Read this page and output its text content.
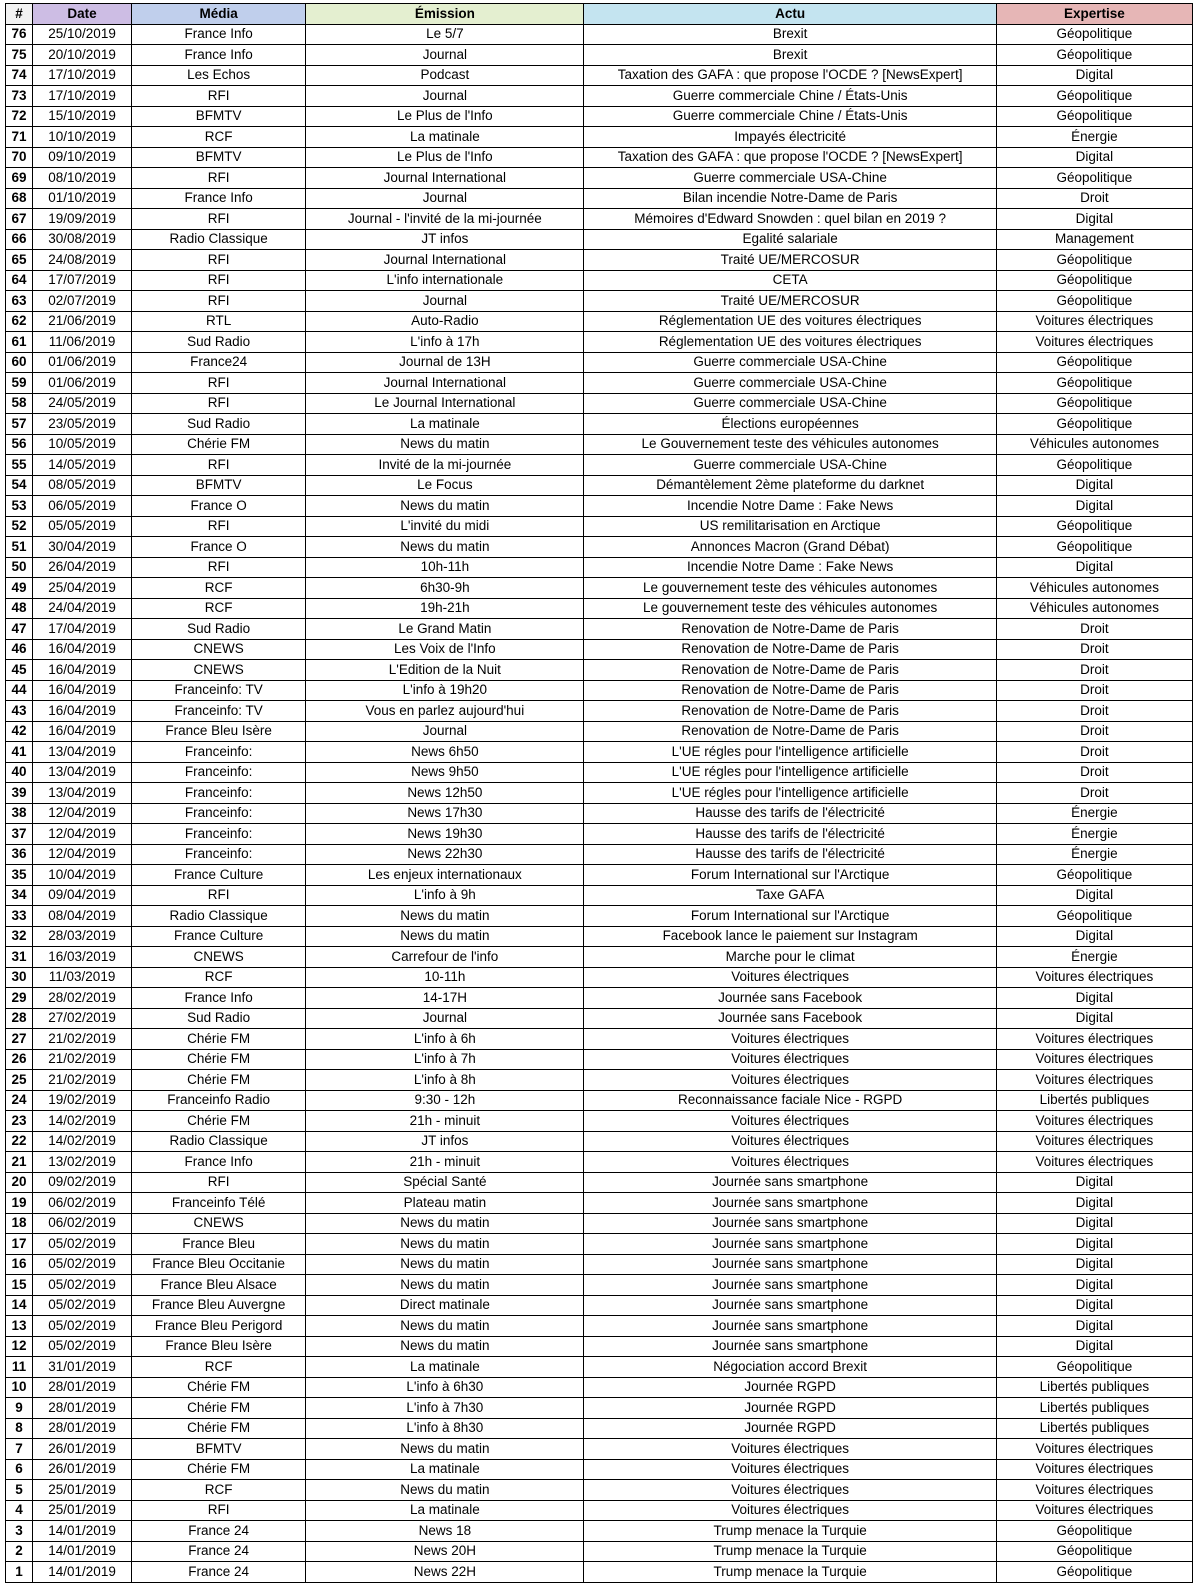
#	Date	Média	Émission	Actu	Expertise
76	25/10/2019	France Info	Le 5/7	Brexit	Géopolitique
75	20/10/2019	France Info	Journal	Brexit	Géopolitique
74	17/10/2019	Les Echos	Podcast	Taxation des GAFA : que propose l'OCDE ? [NewsExpert]	Digital
73	17/10/2019	RFI	Journal	Guerre commerciale Chine / États-Unis	Géopolitique
72	15/10/2019	BFMTV	Le Plus de l'Info	Guerre commerciale Chine / États-Unis	Géopolitique
71	10/10/2019	RCF	La matinale	Impayés électricité	Énergie
70	09/10/2019	BFMTV	Le Plus de l'Info	Taxation des GAFA : que propose l'OCDE ? [NewsExpert]	Digital
69	08/10/2019	RFI	Journal International	Guerre commerciale USA-Chine	Géopolitique
68	01/10/2019	France Info	Journal	Bilan incendie Notre-Dame de Paris	Droit
67	19/09/2019	RFI	Journal - l'invité de la mi-journée	Mémoires d'Edward Snowden : quel bilan en 2019 ?	Digital
66	30/08/2019	Radio Classique	JT infos	Egalité salariale	Management
65	24/08/2019	RFI	Journal International	Traité UE/MERCOSUR	Géopolitique
64	17/07/2019	RFI	L'info internationale	CETA	Géopolitique
63	02/07/2019	RFI	Journal	Traité UE/MERCOSUR	Géopolitique
62	21/06/2019	RTL	Auto-Radio	Réglementation UE des voitures électriques	Voitures électriques
61	11/06/2019	Sud Radio	L'info à 17h	Réglementation UE des voitures électriques	Voitures électriques
60	01/06/2019	France24	Journal de 13H	Guerre commerciale USA-Chine	Géopolitique
59	01/06/2019	RFI	Journal International	Guerre commerciale USA-Chine	Géopolitique
58	24/05/2019	RFI	Le Journal International	Guerre commerciale USA-Chine	Géopolitique
57	23/05/2019	Sud Radio	La matinale	Élections européennes	Géopolitique
56	10/05/2019	Chérie FM	News du matin	Le Gouvernement teste des véhicules autonomes	Véhicules autonomes
55	14/05/2019	RFI	Invité de la mi-journée	Guerre commerciale USA-Chine	Géopolitique
54	08/05/2019	BFMTV	Le Focus	Démantèlement 2ème plateforme du darknet	Digital
53	06/05/2019	France O	News du matin	Incendie Notre Dame : Fake News	Digital
52	05/05/2019	RFI	L'invité du midi	US remilitarisation en Arctique	Géopolitique
51	30/04/2019	France O	News du matin	Annonces Macron (Grand Débat)	Géopolitique
50	26/04/2019	RFI	10h-11h	Incendie Notre Dame : Fake News	Digital
49	25/04/2019	RCF	6h30-9h	Le gouvernement teste des véhicules autonomes	Véhicules autonomes
48	24/04/2019	RCF	19h-21h	Le gouvernement teste des véhicules autonomes	Véhicules autonomes
47	17/04/2019	Sud Radio	Le Grand Matin	Renovation de Notre-Dame de Paris	Droit
46	16/04/2019	CNEWS	Les Voix de l'Info	Renovation de Notre-Dame de Paris	Droit
45	16/04/2019	CNEWS	L'Edition de la Nuit	Renovation de Notre-Dame de Paris	Droit
44	16/04/2019	Franceinfo: TV	L'info à 19h20	Renovation de Notre-Dame de Paris	Droit
43	16/04/2019	Franceinfo: TV	Vous en parlez aujourd'hui	Renovation de Notre-Dame de Paris	Droit
42	16/04/2019	France Bleu Isère	Journal	Renovation de Notre-Dame de Paris	Droit
41	13/04/2019	Franceinfo:	News 6h50	L'UE régles pour l'intelligence artificielle	Droit
40	13/04/2019	Franceinfo:	News 9h50	L'UE régles pour l'intelligence artificielle	Droit
39	13/04/2019	Franceinfo:	News 12h50	L'UE régles pour l'intelligence artificielle	Droit
38	12/04/2019	Franceinfo:	News 17h30	Hausse des tarifs de l'électricité	Énergie
37	12/04/2019	Franceinfo:	News 19h30	Hausse des tarifs de l'électricité	Énergie
36	12/04/2019	Franceinfo:	News 22h30	Hausse des tarifs de l'électricité	Énergie
35	10/04/2019	France Culture	Les enjeux internationaux	Forum International sur l'Arctique	Géopolitique
34	09/04/2019	RFI	L'info à 9h	Taxe GAFA	Digital
33	08/04/2019	Radio Classique	News du matin	Forum International sur l'Arctique	Géopolitique
32	28/03/2019	France Culture	News du matin	Facebook lance le paiement sur Instagram	Digital
31	16/03/2019	CNEWS	Carrefour de l'info	Marche pour le climat	Énergie
30	11/03/2019	RCF	10-11h	Voitures électriques	Voitures électriques
29	28/02/2019	France Info	14-17H	Journée sans Facebook	Digital
28	27/02/2019	Sud Radio	Journal	Journée sans Facebook	Digital
27	21/02/2019	Chérie FM	L'info à 6h	Voitures électriques	Voitures électriques
26	21/02/2019	Chérie FM	L'info à 7h	Voitures électriques	Voitures électriques
25	21/02/2019	Chérie FM	L'info à 8h	Voitures électriques	Voitures électriques
24	19/02/2019	Franceinfo Radio	9:30 - 12h	Reconnaissance faciale Nice - RGPD	Libertés publiques
23	14/02/2019	Chérie FM	21h - minuit	Voitures électriques	Voitures électriques
22	14/02/2019	Radio Classique	JT infos	Voitures électriques	Voitures électriques
21	13/02/2019	France Info	21h - minuit	Voitures électriques	Voitures électriques
20	09/02/2019	RFI	Spécial Santé	Journée sans smartphone	Digital
19	06/02/2019	Franceinfo Télé	Plateau matin	Journée sans smartphone	Digital
18	06/02/2019	CNEWS	News du matin	Journée sans smartphone	Digital
17	05/02/2019	France Bleu	News du matin	Journée sans smartphone	Digital
16	05/02/2019	France Bleu Occitanie	News du matin	Journée sans smartphone	Digital
15	05/02/2019	France Bleu Alsace	News du matin	Journée sans smartphone	Digital
14	05/02/2019	France Bleu Auvergne	Direct matinale	Journée sans smartphone	Digital
13	05/02/2019	France Bleu Perigord	News du matin	Journée sans smartphone	Digital
12	05/02/2019	France Bleu Isère	News du matin	Journée sans smartphone	Digital
11	31/01/2019	RCF	La matinale	Négociation accord Brexit	Géopolitique
10	28/01/2019	Chérie FM	L'info à 6h30	Journée RGPD	Libertés publiques
9	28/01/2019	Chérie FM	L'info à 7h30	Journée RGPD	Libertés publiques
8	28/01/2019	Chérie FM	L'info à 8h30	Journée RGPD	Libertés publiques
7	26/01/2019	BFMTV	News du matin	Voitures électriques	Voitures électriques
6	26/01/2019	Chérie FM	La matinale	Voitures électriques	Voitures électriques
5	25/01/2019	RCF	News du matin	Voitures électriques	Voitures électriques
4	25/01/2019	RFI	La matinale	Voitures électriques	Voitures électriques
3	14/01/2019	France 24	News 18	Trump menace la Turquie	Géopolitique
2	14/01/2019	France 24	News 20H	Trump menace la Turquie	Géopolitique
1	14/01/2019	France 24	News 22H	Trump menace la Turquie	Géopolitique
